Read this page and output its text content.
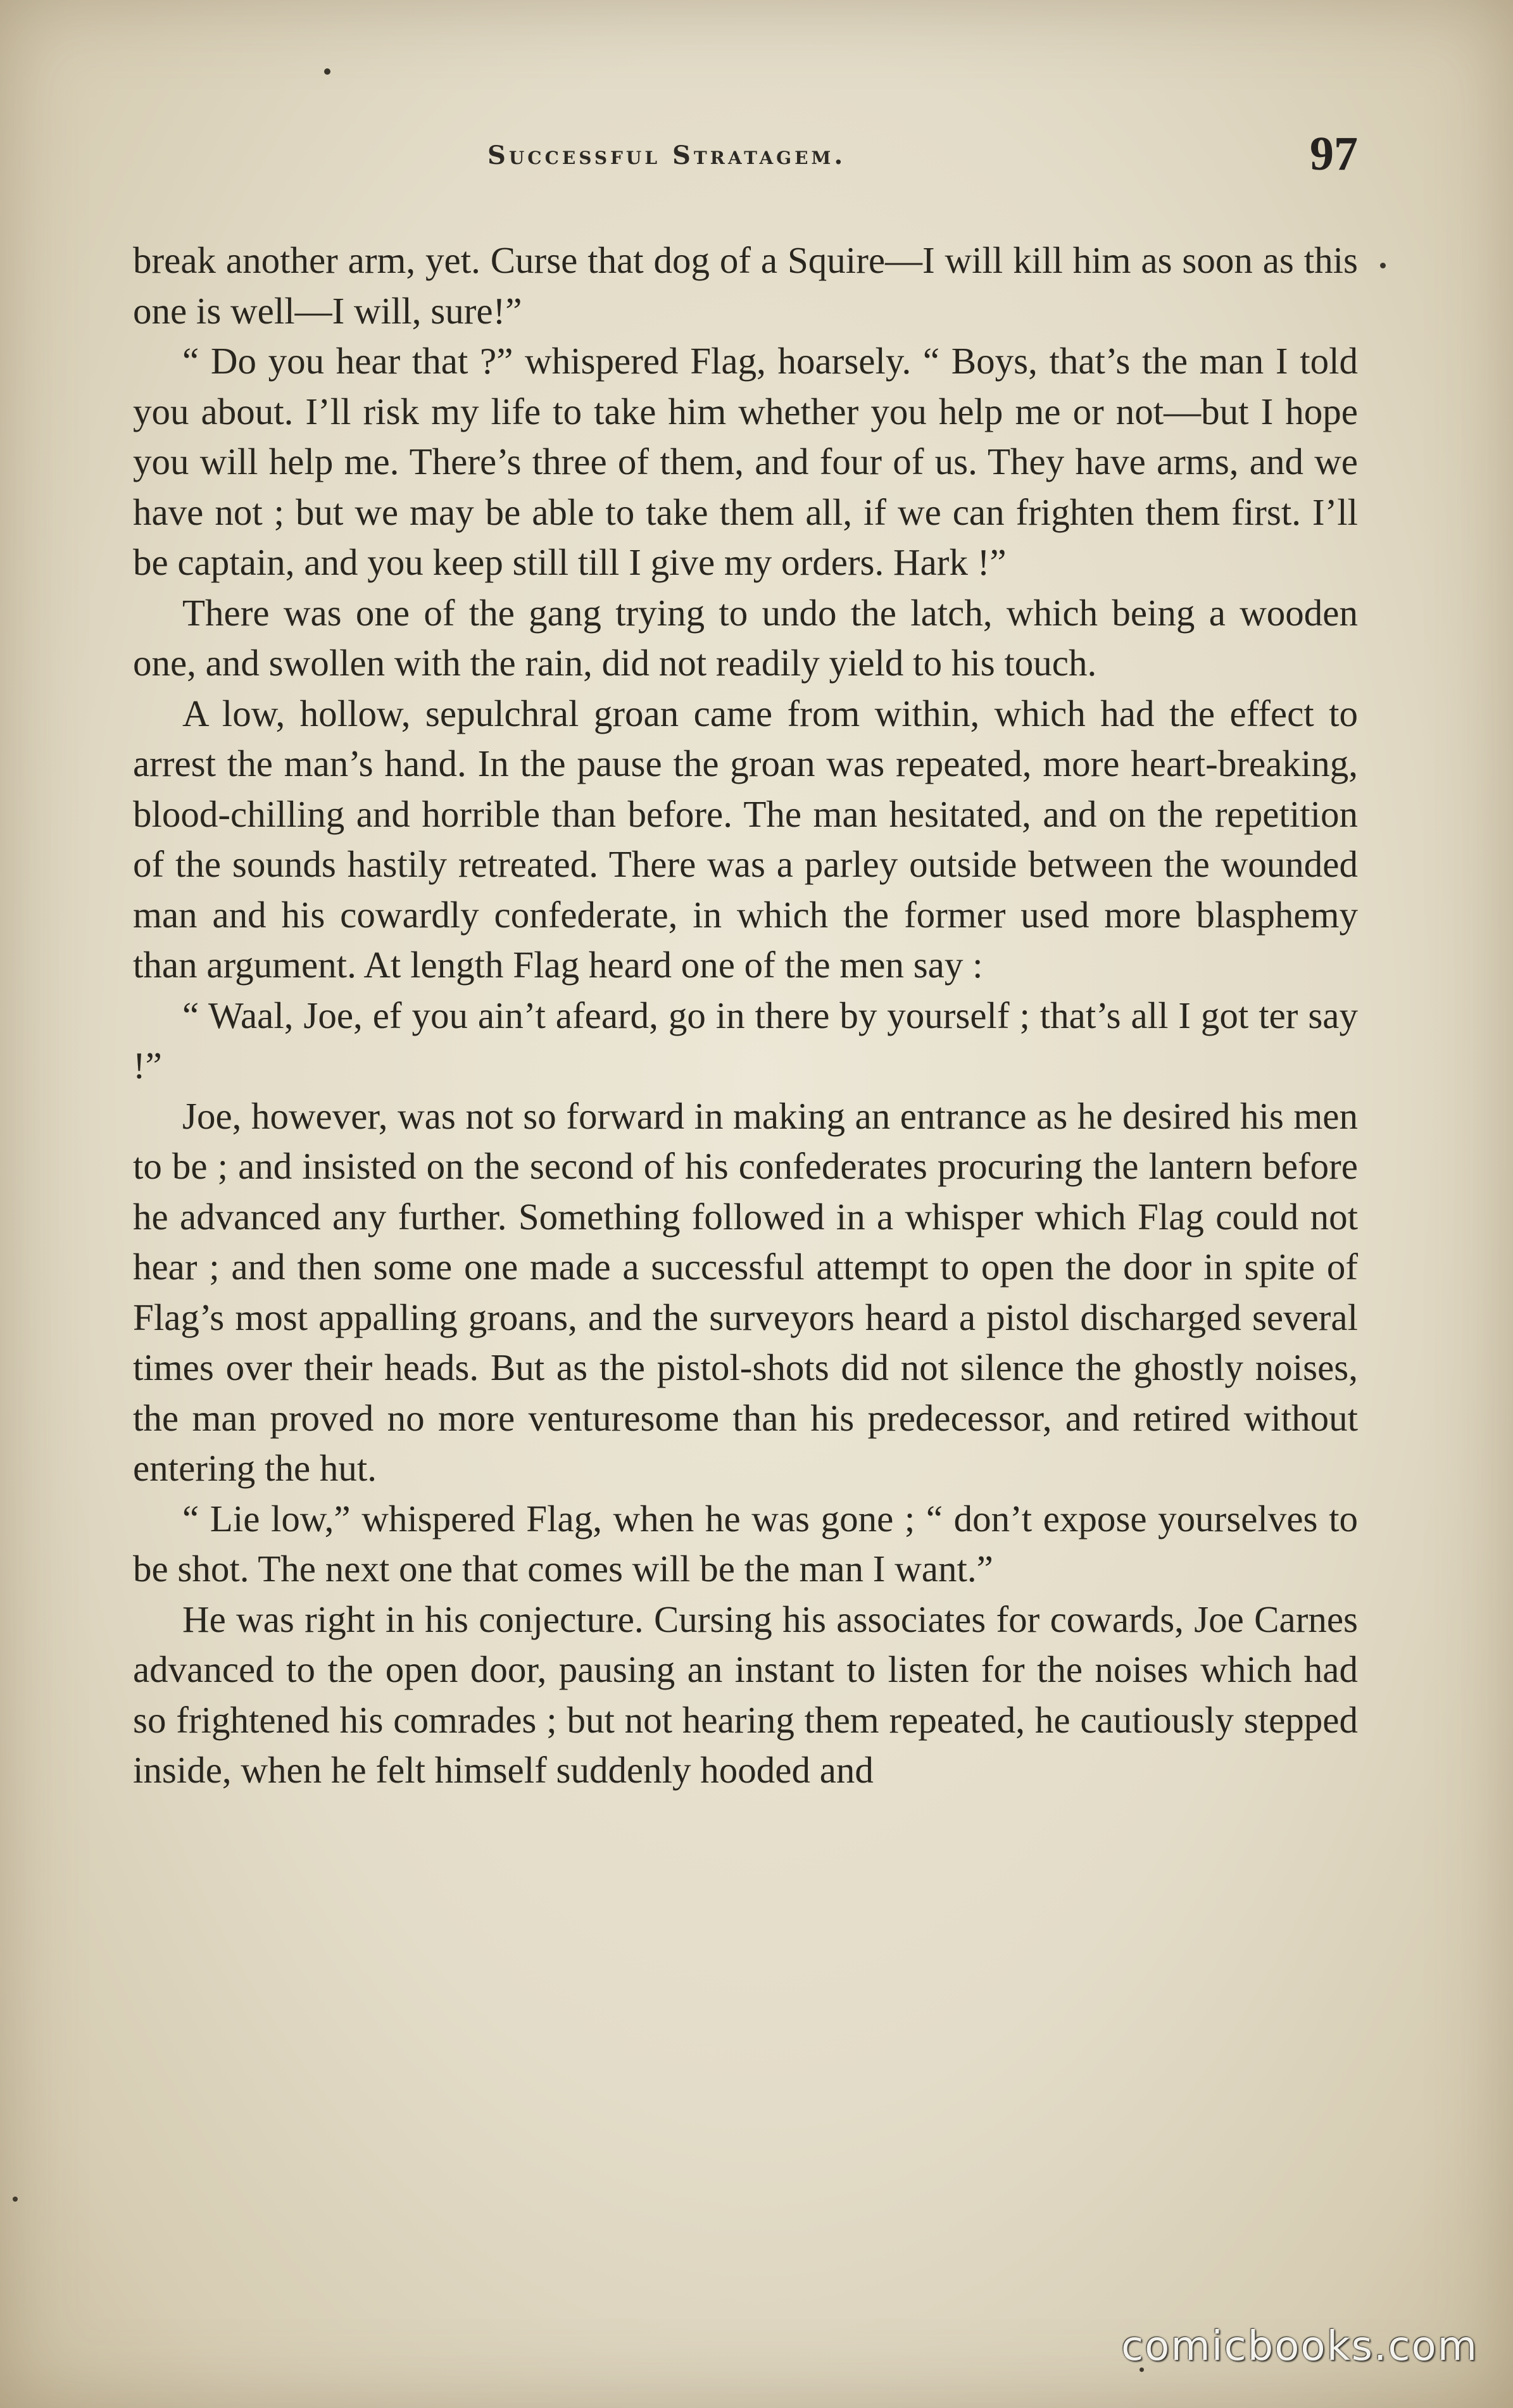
Successful Stratagem.	97

break another arm, yet. Curse that dog of a Squire—I will kill him as soon as this one is well—I will, sure!”

“ Do you hear that ?” whispered Flag, hoarsely. “ Boys, that’s the man I told you about. I’ll risk my life to take him whether you help me or not—but I hope you will help me. There’s three of them, and four of us. They have arms, and we have not ; but we may be able to take them all, if we can frighten them first. I’ll be captain, and you keep still till I give my orders. Hark !”

There was one of the gang trying to undo the latch, which being a wooden one, and swollen with the rain, did not readily yield to his touch.

A low, hollow, sepulchral groan came from within, which had the effect to arrest the man’s hand. In the pause the groan was repeated, more heart-breaking, blood-chilling and horrible than before. The man hesitated, and on the repetition of the sounds hastily retreated. There was a parley outside between the wounded man and his cowardly confederate, in which the former used more blasphemy than argument. At length Flag heard one of the men say :

“ Waal, Joe, ef you ain’t afeard, go in there by yourself ; that’s all I got ter say !”

Joe, however, was not so forward in making an entrance as he desired his men to be ; and insisted on the second of his confederates procuring the lantern before he advanced any further. Something followed in a whisper which Flag could not hear ; and then some one made a successful attempt to open the door in spite of Flag’s most appalling groans, and the surveyors heard a pistol discharged several times over their heads. But as the pistol-shots did not silence the ghostly noises, the man proved no more venturesome than his predecessor, and retired without entering the hut.

“ Lie low,” whispered Flag, when he was gone ; “ don’t expose yourselves to be shot. The next one that comes will be the man I want.”

He was right in his conjecture. Cursing his associates for cowards, Joe Carnes advanced to the open door, pausing an instant to listen for the noises which had so frightened his comrades ; but not hearing them repeated, he cautiously stepped inside, when he felt himself suddenly hooded and

comicbooks.com
